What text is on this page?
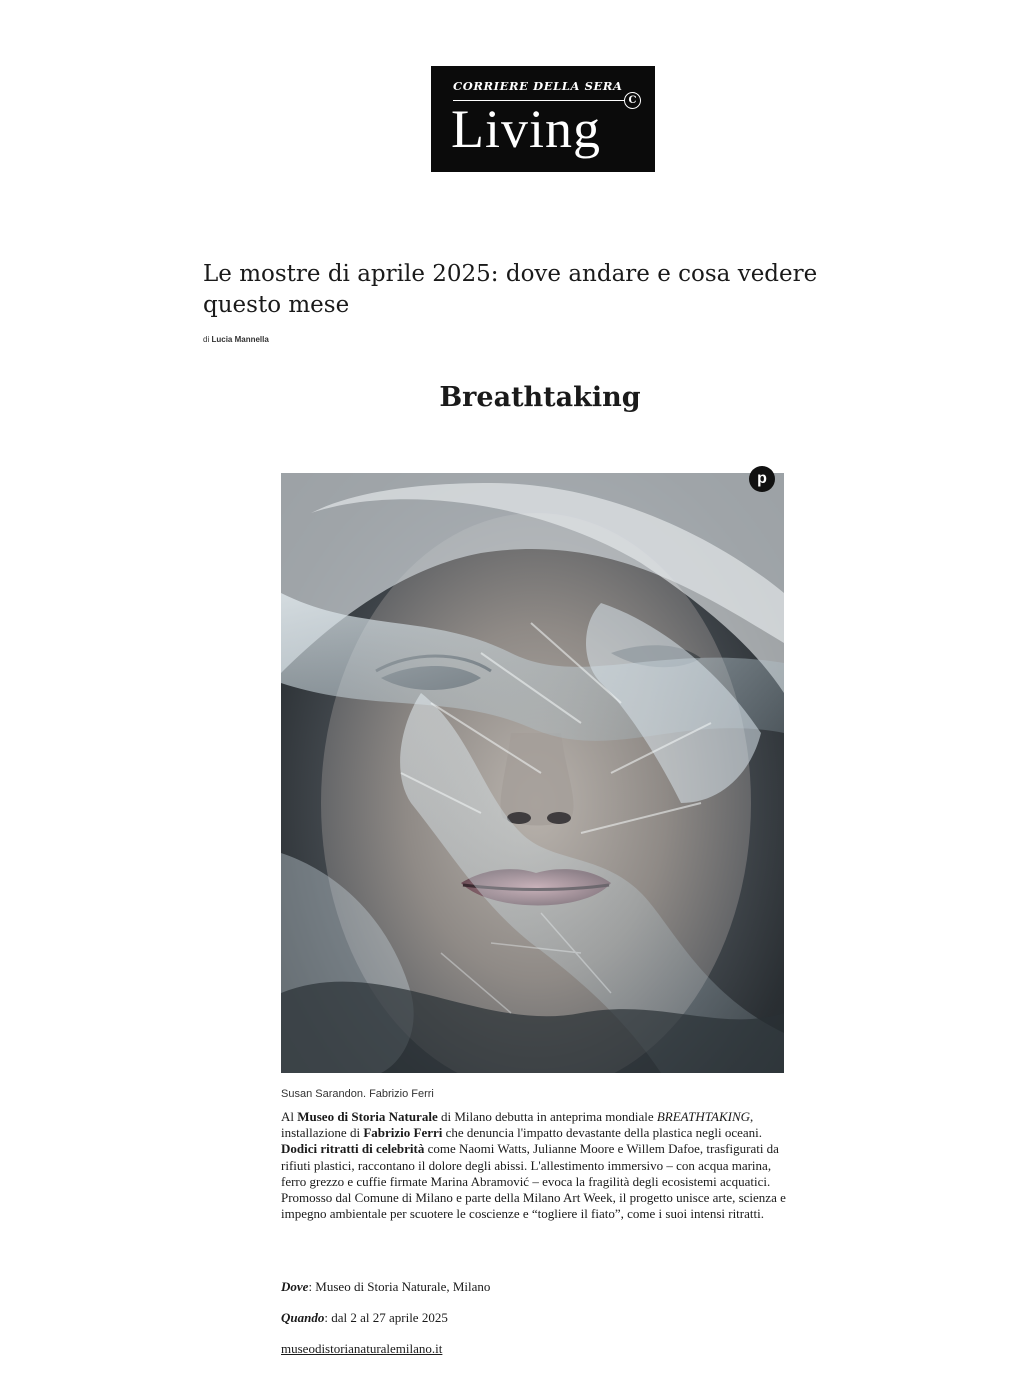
CORRIERE DELLA SERA
C
Living
Le mostre di aprile 2025: dove andare e cosa vedere questo mese
di Lucia Mannella
Breathtaking
p
Susan Sarandon. Fabrizio Ferri

Al Museo di Storia Naturale di Milano debutta in anteprima mondiale BREATHTAKING, installazione di Fabrizio Ferri che denuncia l'impatto devastante della plastica negli oceani. Dodici ritratti di celebrità come Naomi Watts, Julianne Moore e Willem Dafoe, trasfigurati da rifiuti plastici, raccontano il dolore degli abissi. L'allestimento immersivo – con acqua marina, ferro grezzo e cuffie firmate Marina Abramović – evoca la fragilità degli ecosistemi acquatici. Promosso dal Comune di Milano e parte della Milano Art Week, il progetto unisce arte, scienza e impegno ambientale per scuotere le coscienze e “togliere il fiato”, come i suoi intensi ritratti.

Dove: Museo di Storia Naturale, Milano
Quando: dal 2 al 27 aprile 2025
museodistorianaturalemilano.it
